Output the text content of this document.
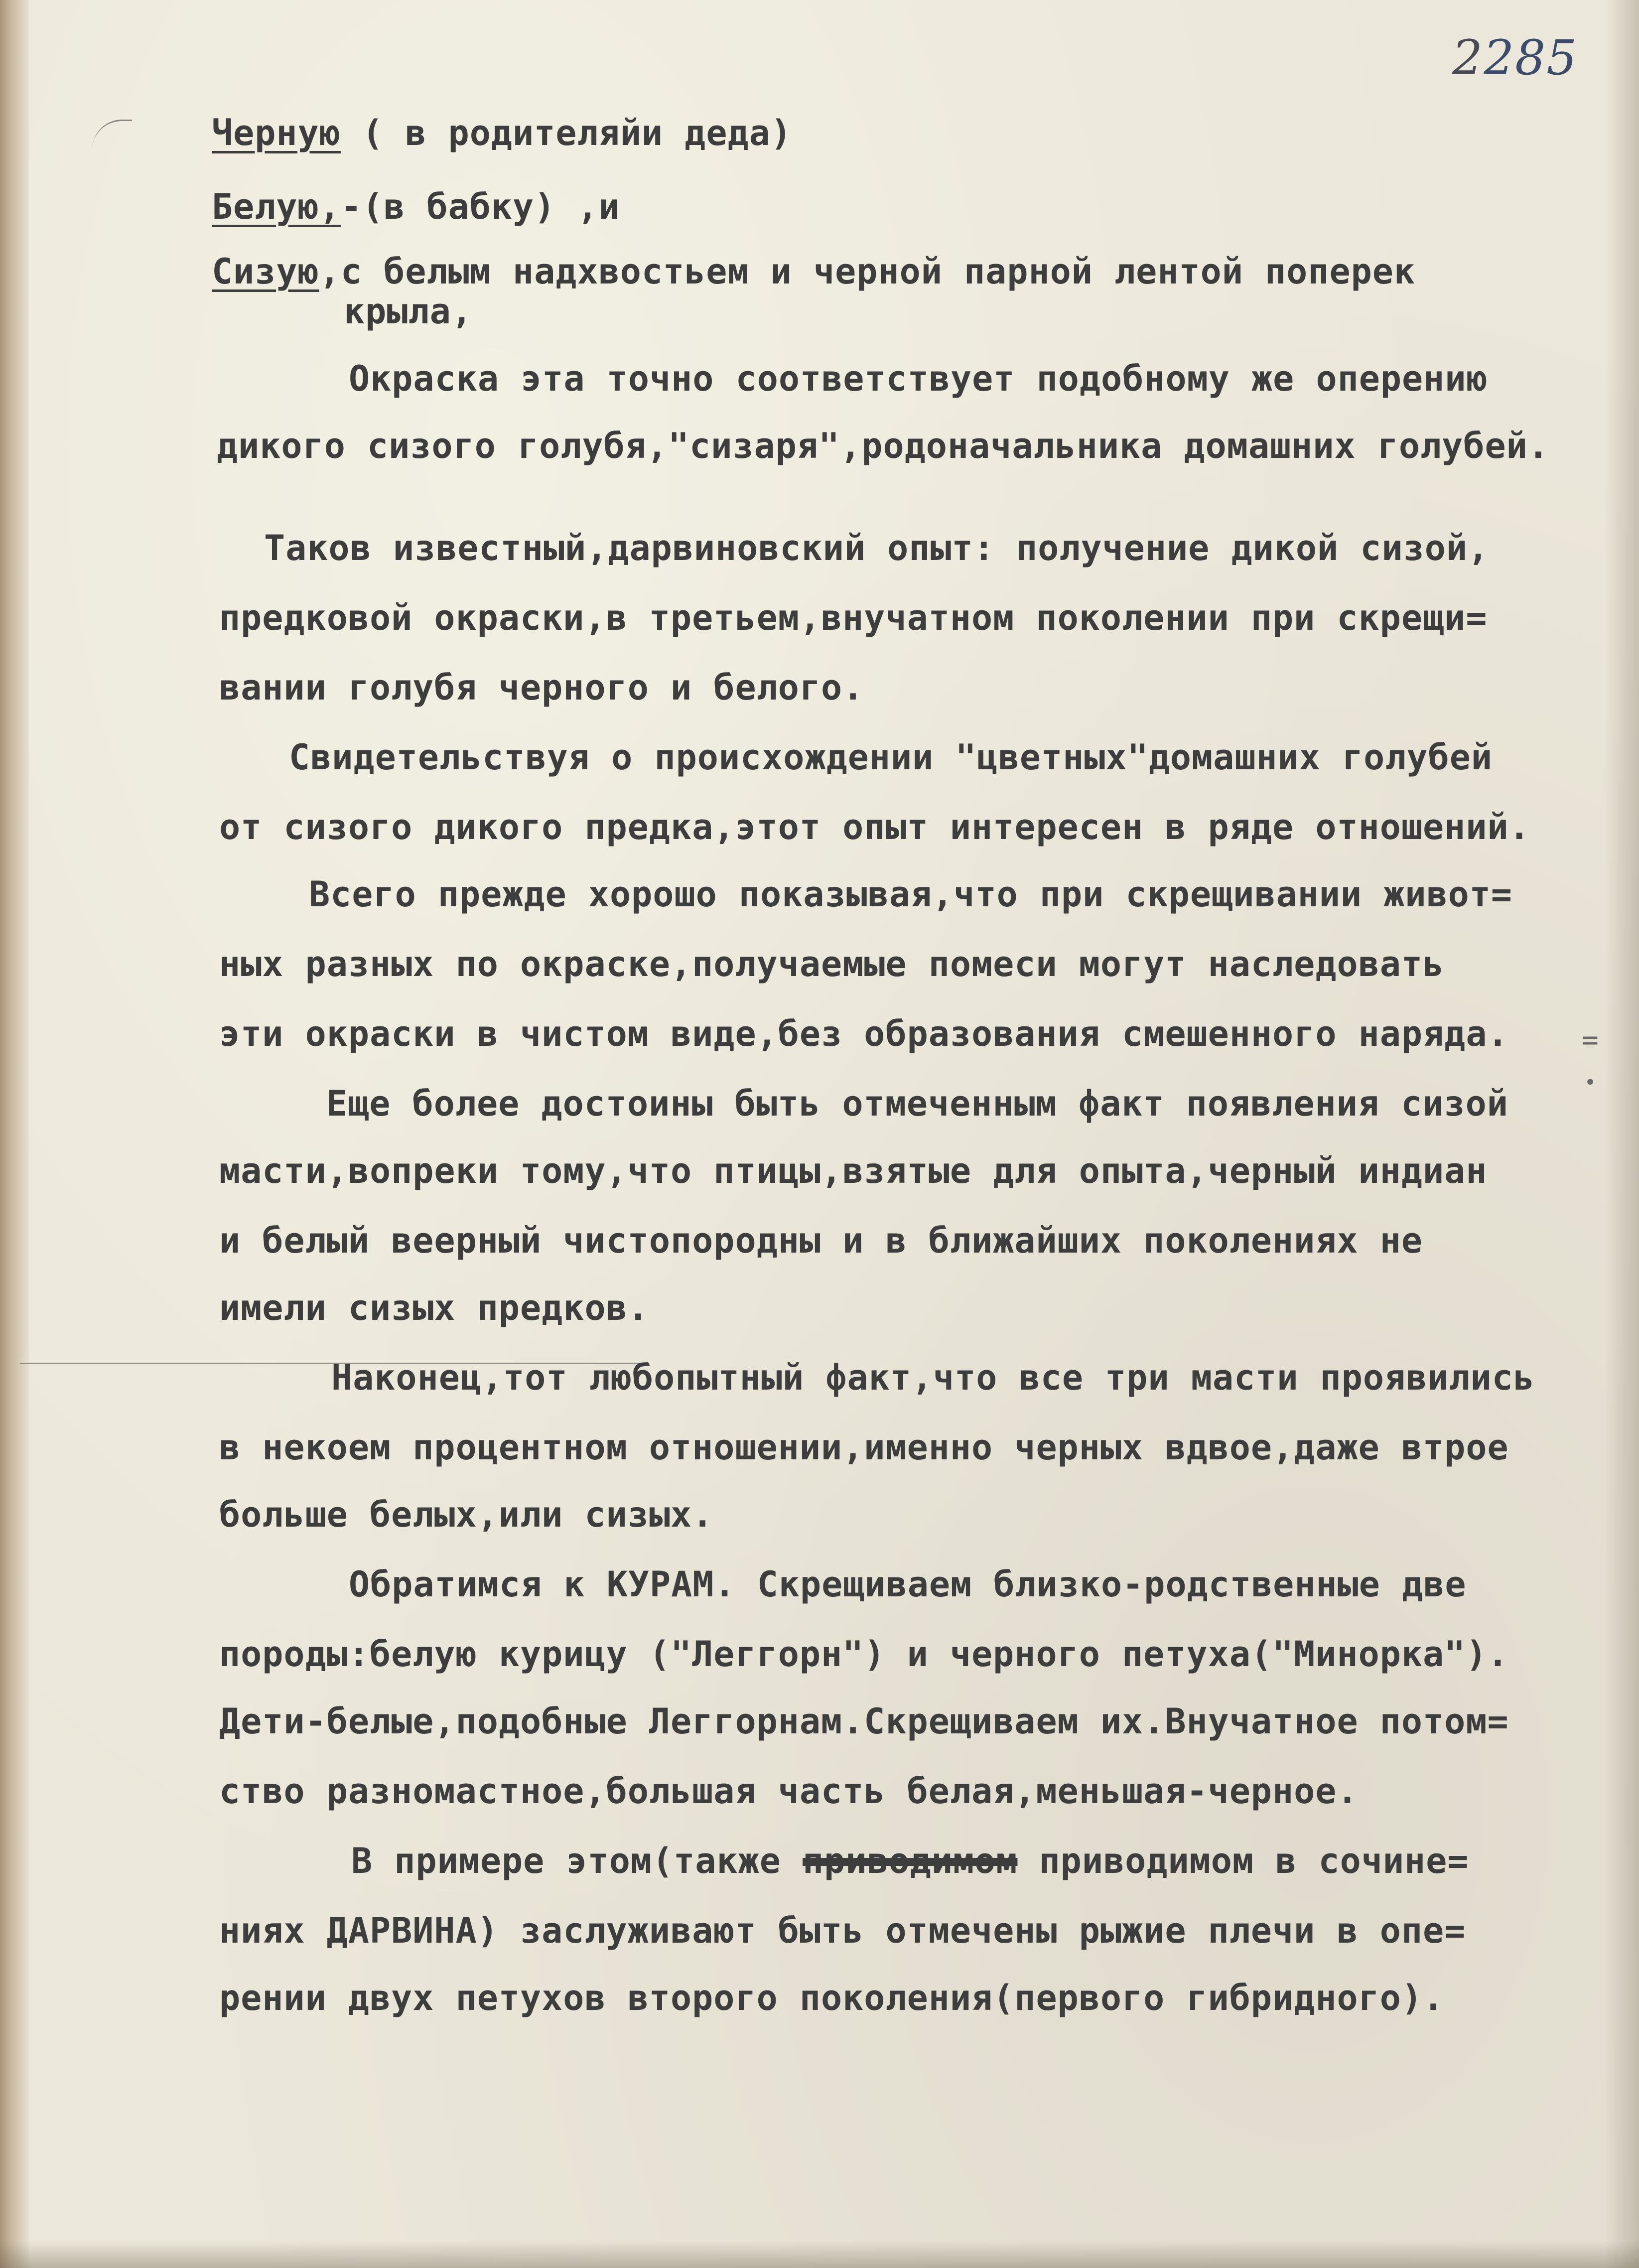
2285
Черную ( в родителяйи деда)
Белую,-(в бабку) ,и
Сизую,с белым надхвостьем и черной парной лентой поперек
крыла,
Окраска эта точно соответствует подобному же оперению
дикого сизого голубя,"сизаря",родоначальника домашних голубей.
Таков известный,дарвиновский опыт: получение дикой сизой,
предковой окраски,в третьем,внучатном поколении при скрещи=
вании голубя черного и белого.
Свидетельствуя о происхождении "цветных"домашних голубей
от сизого дикого предка,этот опыт интересен в ряде отношений.
Всего прежде хорошо показывая,что при скрещивании живот=
ных разных по окраске,получаемые помеси могут наследовать
эти окраски в чистом виде,без образования смешенного наряда.
Еще более достоины быть отмеченным факт появления сизой
масти,вопреки тому,что птицы,взятые для опыта,черный индиан
и белый веерный чистопородны и в ближайших поколениях не
имели сизых предков.
Наконец,тот любопытный факт,что все три масти проявились
в некоем процентном отношении,именно черных вдвое,даже втрое
больше белых,или сизых.
Обратимся к КУРАМ. Скрещиваем близко-родственные две
породы:белую курицу ("Леггорн") и черного петуха("Минорка").
Дети-белые,подобные Леггорнам.Скрещиваем их.Внучатное потом=
ство разномастное,большая часть белая,меньшая-черное.
В примере этом(также приводимом приводимом в сочине=
ниях ДАРВИНА) заслуживают быть отмечены рыжие плечи в опе=
рении двух петухов второго поколения(первого гибридного).
=
•
